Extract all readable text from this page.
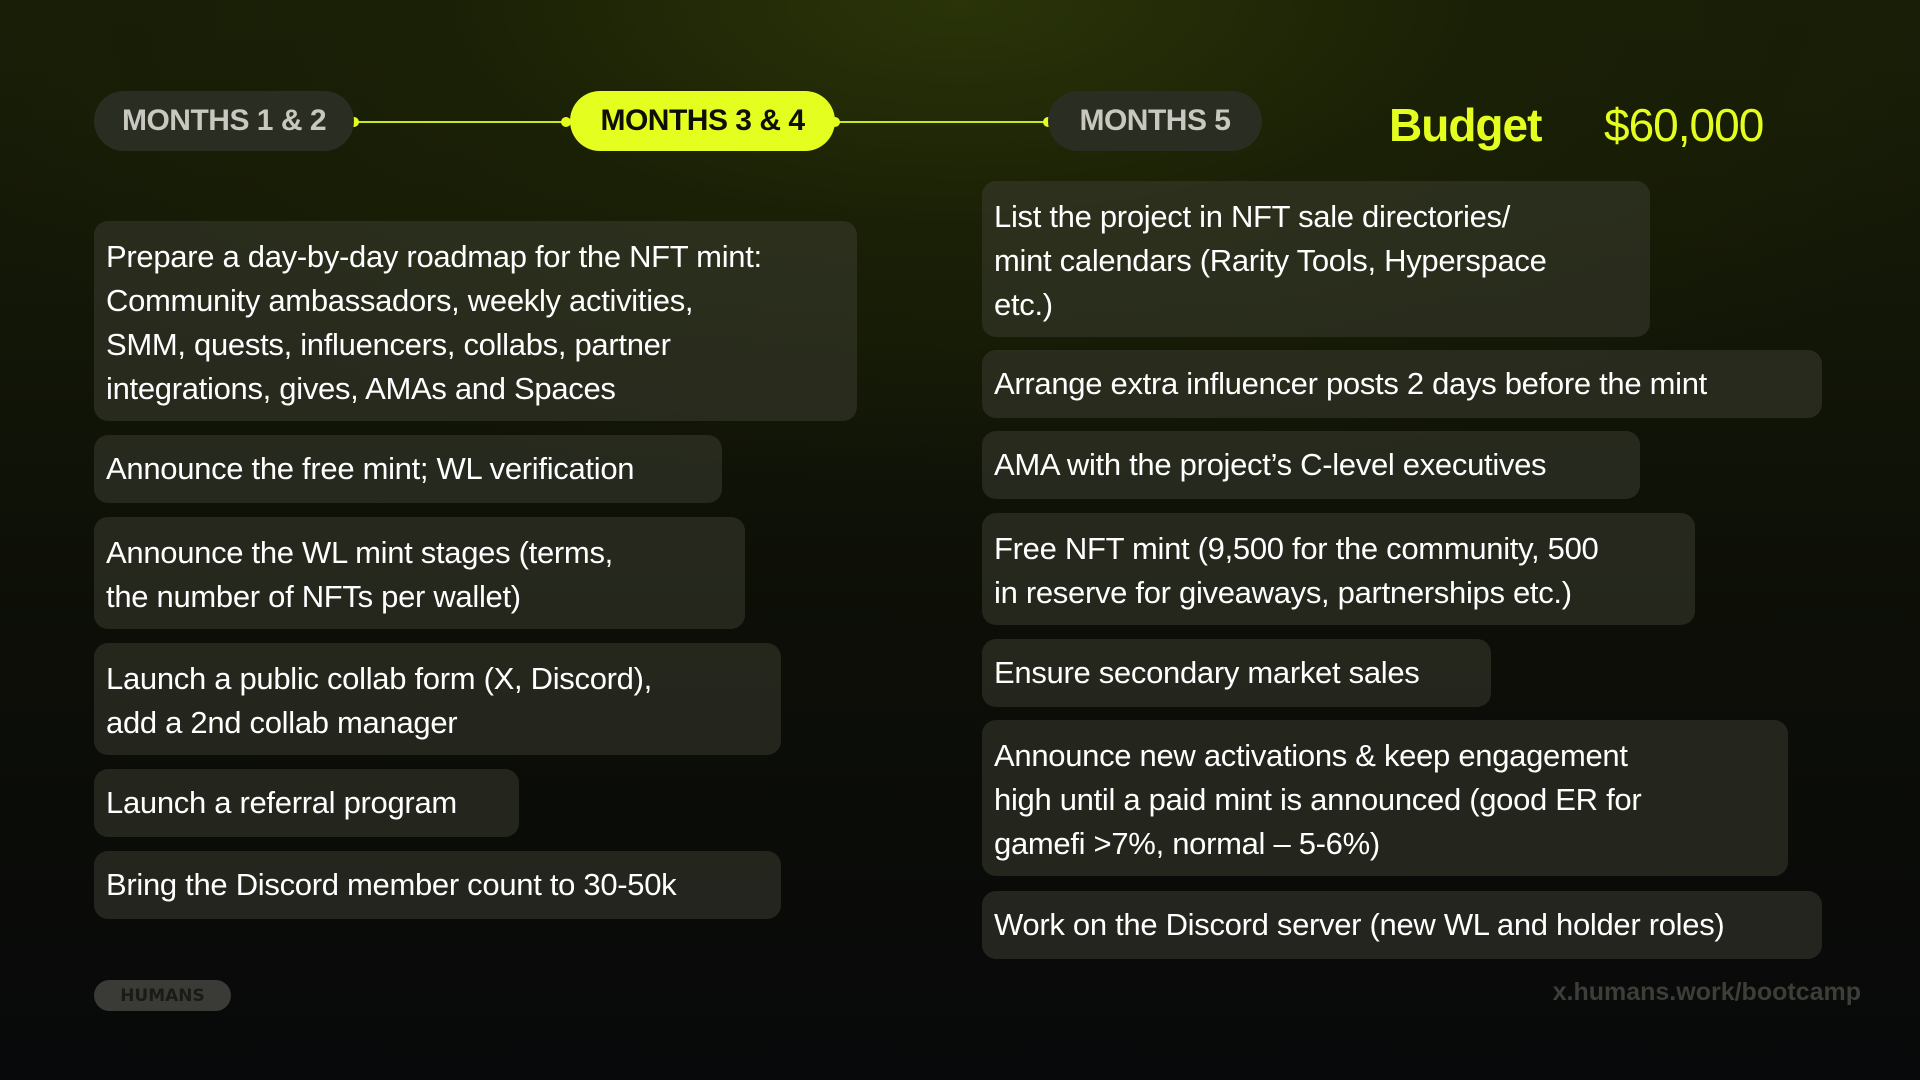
MONTHS 1 & 2	MONTHS 3 & 4	MONTHS 5	Budget $60,000
Prepare a day-by-day roadmap for the NFT mint:
Community ambassadors, weekly activities,
SMM, quests, influencers, collabs, partner
integrations, gives, AMAs and Spaces
Announce the free mint; WL verification
Announce the WL mint stages (terms,
the number of NFTs per wallet)
Launch a public collab form (X, Discord),
add a 2nd collab manager
Launch a referral program
Bring the Discord member count to 30-50k
List the project in NFT sale directories/
mint calendars (Rarity Tools, Hyperspace
etc.)
Arrange extra influencer posts 2 days before the mint
AMA with the project’s C-level executives
Free NFT mint (9,500 for the community, 500
in reserve for giveaways, partnerships etc.)
Ensure secondary market sales
Announce new activations & keep engagement
high until a paid mint is announced (good ER for
gamefi >7%, normal – 5-6%)
Work on the Discord server (new WL and holder roles)
HUMANS	x.humans.work/bootcamp
